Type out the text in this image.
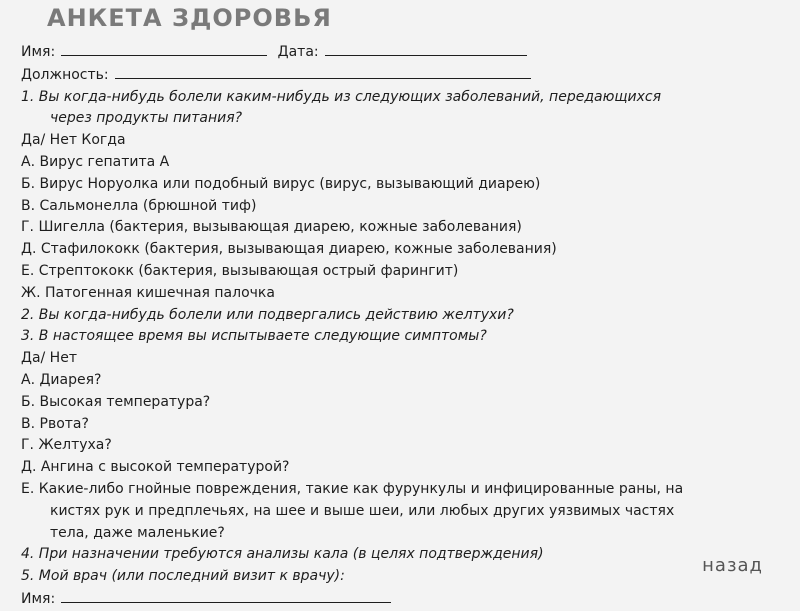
АНКЕТА ЗДОРОВЬЯ
Имя:	Дата:
Должность:
1. Вы когда-нибудь болели каким-нибудь из следующих заболеваний, передающихся
через продукты питания?
Да/ Нет Когда
А. Вирус гепатита А
Б. Вирус Норуолка или подобный вирус (вирус, вызывающий диарею)
В. Сальмонелла (брюшной тиф)
Г. Шигелла (бактерия, вызывающая диарею, кожные заболевания)
Д. Стафилококк (бактерия, вызывающая диарею, кожные заболевания)
Е. Стрептококк (бактерия, вызывающая острый фарингит)
Ж. Патогенная кишечная палочка
2. Вы когда-нибудь болели или подвергались действию желтухи?
3. В настоящее время вы испытываете следующие симптомы?
Да/ Нет
А. Диарея?
Б. Высокая температура?
В. Рвота?
Г. Желтуха?
Д. Ангина с высокой температурой?
Е. Какие-либо гнойные повреждения, такие как фурункулы и инфицированные раны, на
кистях рук и предплечьях, на шее и выше шеи, или любых других уязвимых частях
тела, даже маленькие?
4. При назначении требуются анализы кала (в целях подтверждения)
5. Мой врач (или последний визит к врачу):
Имя:
назад
